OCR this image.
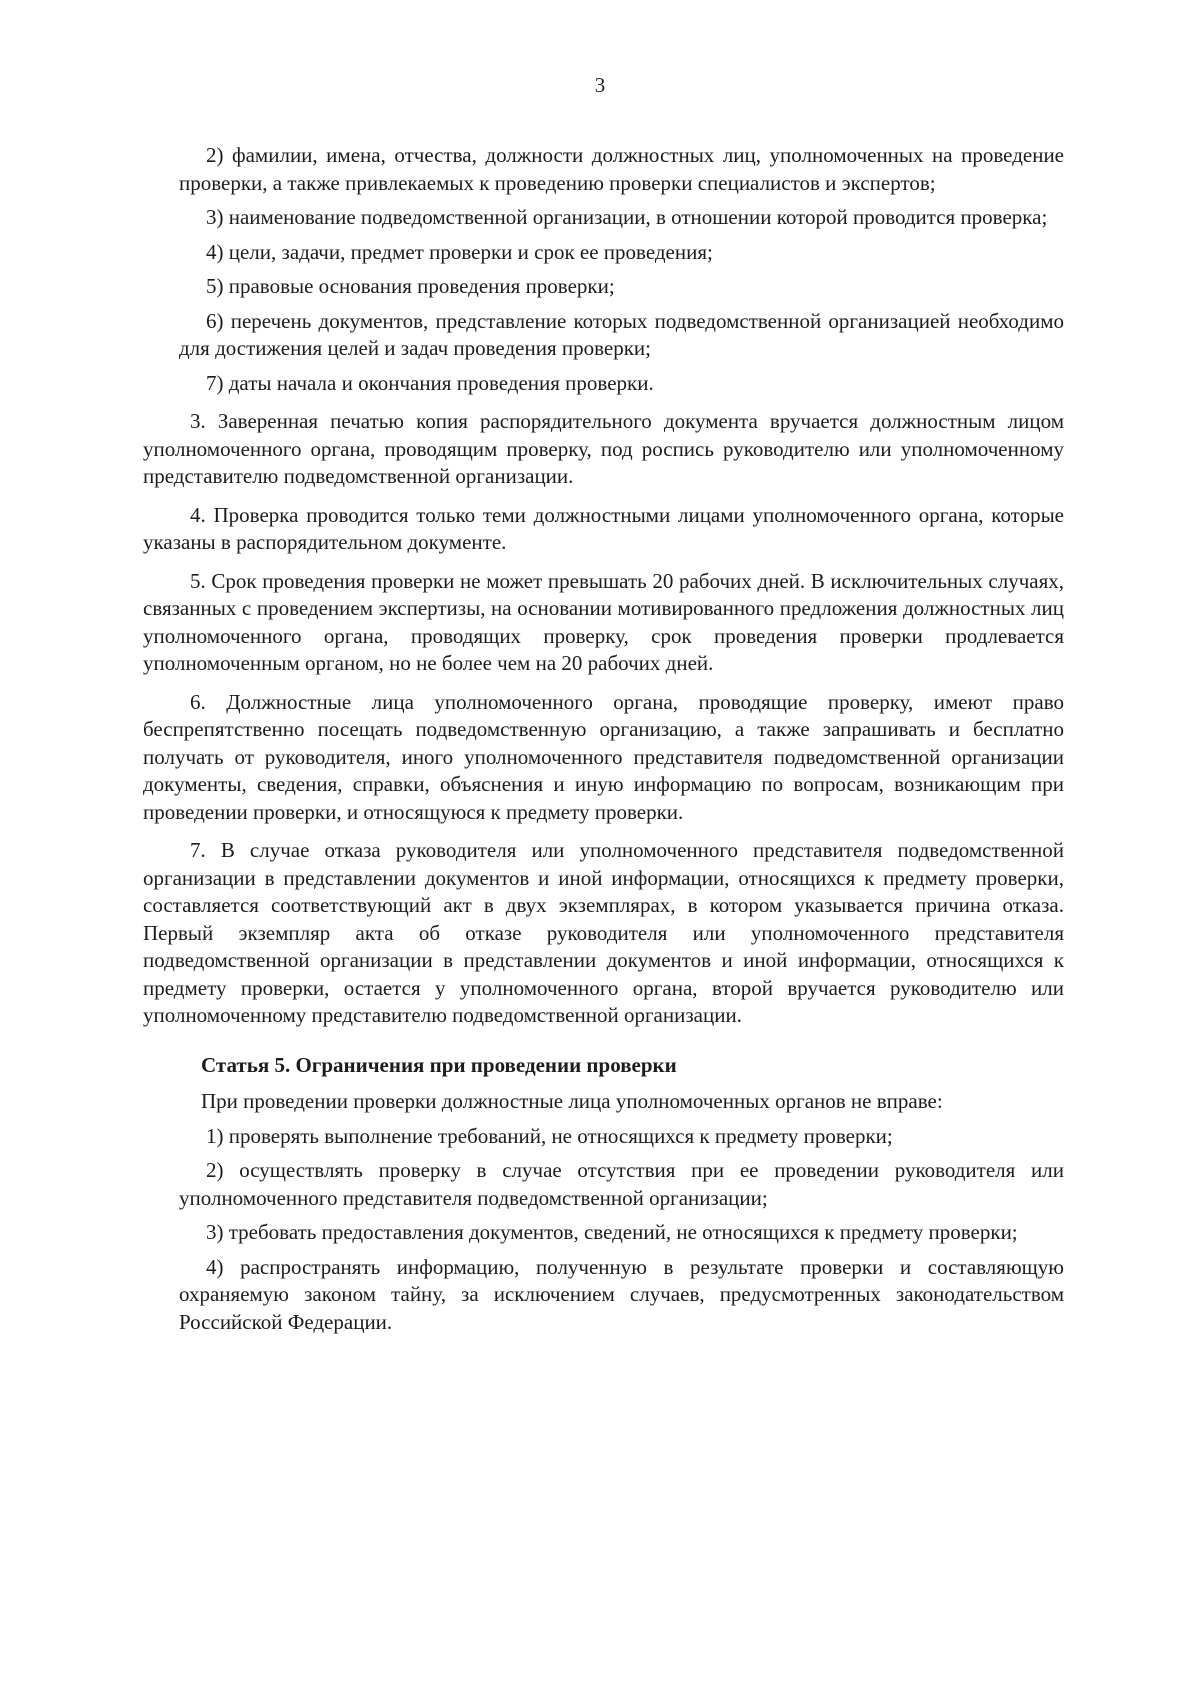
3

2) фамилии, имена, отчества, должности должностных лиц, уполномоченных на проведение проверки, а также привлекаемых к проведению проверки специалистов и экспертов;

3) наименование подведомственной организации, в отношении которой проводится проверка;

4) цели, задачи, предмет проверки и срок ее проведения;

5) правовые основания проведения проверки;

6) перечень документов, представление которых подведомственной организацией необходимо для достижения целей и задач проведения проверки;

7) даты начала и окончания проведения проверки.

3. Заверенная печатью копия распорядительного документа вручается должностным лицом уполномоченного органа, проводящим проверку, под роспись руководителю или уполномоченному представителю подведомственной организации.

4. Проверка проводится только теми должностными лицами уполномоченного органа, которые указаны в распорядительном документе.

5. Срок проведения проверки не может превышать 20 рабочих дней. В исключительных случаях, связанных с проведением экспертизы, на основании мотивированного предложения должностных лиц уполномоченного органа, проводящих проверку, срок проведения проверки продлевается уполномоченным органом, но не более чем на 20 рабочих дней.

6. Должностные лица уполномоченного органа, проводящие проверку, имеют право беспрепятственно посещать подведомственную организацию, а также запрашивать и бесплатно получать от руководителя, иного уполномоченного представителя подведомственной организации документы, сведения, справки, объяснения и иную информацию по вопросам, возникающим при проведении проверки, и относящуюся к предмету проверки.

7. В случае отказа руководителя или уполномоченного представителя подведомственной организации в представлении документов и иной информации, относящихся к предмету проверки, составляется соответствующий акт в двух экземплярах, в котором указывается причина отказа. Первый экземпляр акта об отказе руководителя или уполномоченного представителя подведомственной организации в представлении документов и иной информации, относящихся к предмету проверки, остается у уполномоченного органа, второй вручается руководителю или уполномоченному представителю подведомственной организации.

Статья 5. Ограничения при проведении проверки

При проведении проверки должностные лица уполномоченных органов не вправе:

1) проверять выполнение требований, не относящихся к предмету проверки;

2) осуществлять проверку в случае отсутствия при ее проведении руководителя или уполномоченного представителя подведомственной организации;

3) требовать предоставления документов, сведений, не относящихся к предмету проверки;

4) распространять информацию, полученную в результате проверки и составляющую охраняемую законом тайну, за исключением случаев, предусмотренных законодательством Российской Федерации.
